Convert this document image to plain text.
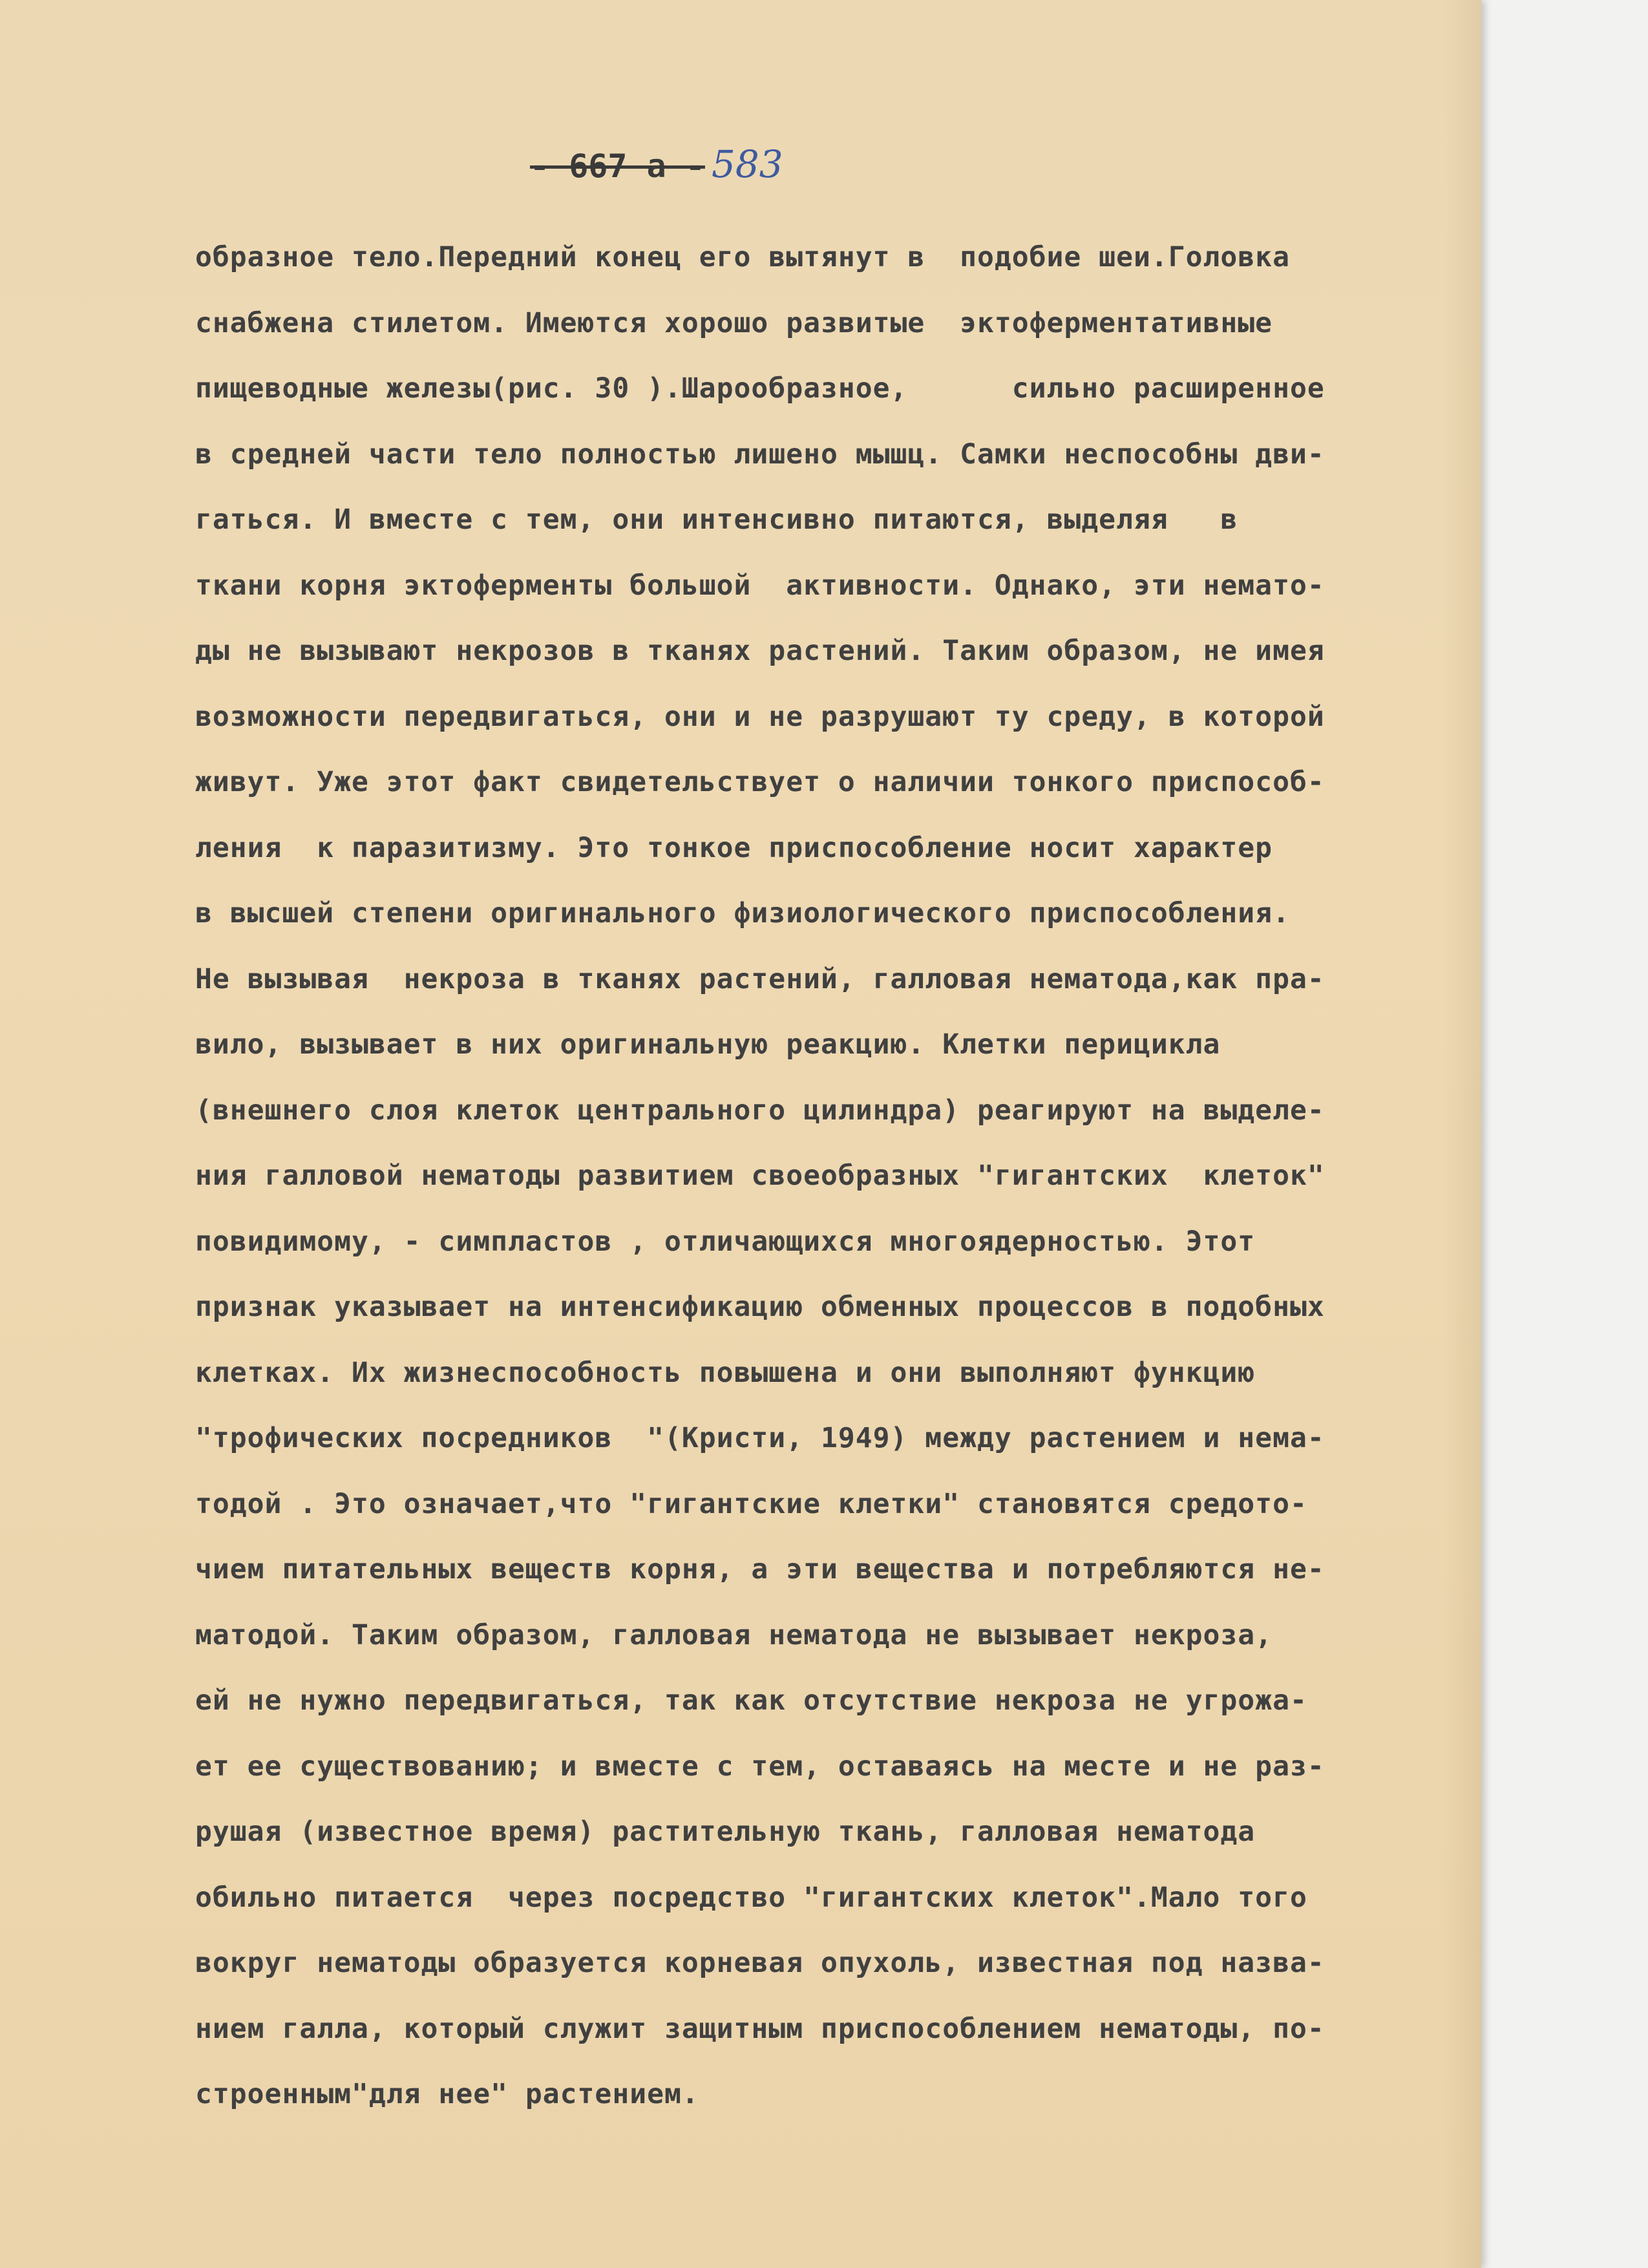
- 667 а - 583
образное тело.Передний конец его вытянут в  подобие шеи.Головка
снабжена стилетом. Имеются хорошо развитые  эктоферментативные
пищеводные железы(рис. 30 ).Шарообразное,      сильно расширенное
в средней части тело полностью лишено мышц. Самки неспособны дви-
гаться. И вместе с тем, они интенсивно питаются, выделяя   в
ткани корня эктоферменты большой  активности. Однако, эти немато-
ды не вызывают некрозов в тканях растений. Таким образом, не имея
возможности передвигаться, они и не разрушают ту среду, в которой
живут. Уже этот факт свидетельствует о наличии тонкого приспособ-
ления  к паразитизму. Это тонкое приспособление носит характер
в высшей степени оригинального физиологического приспособления.
Не вызывая  некроза в тканях растений, галловая нематода,как пра-
вило, вызывает в них оригинальную реакцию. Клетки перицикла
(внешнего слоя клеток центрального цилиндра) реагируют на выделе-
ния галловой нематоды развитием своеобразных "гигантских  клеток"
повидимому, - симпластов , отличающихся многоядерностью. Этот
признак указывает на интенсификацию обменных процессов в подобных
клетках. Их жизнеспособность повышена и они выполняют функцию
"трофических посредников  "(Кристи, 1949) между растением и нема-
тодой . Это означает,что "гигантские клетки" становятся средото-
чием питательных веществ корня, а эти вещества и потребляются не-
матодой. Таким образом, галловая нематода не вызывает некроза,
ей не нужно передвигаться, так как отсутствие некроза не угрожа-
ет ее существованию; и вместе с тем, оставаясь на месте и не раз-
рушая (известное время) растительную ткань, галловая нематода
обильно питается  через посредство "гигантских клеток".Мало того
вокруг нематоды образуется корневая опухоль, известная под назва-
нием галла, который служит защитным приспособлением нематоды, по-
строенным"для нее" растением.
